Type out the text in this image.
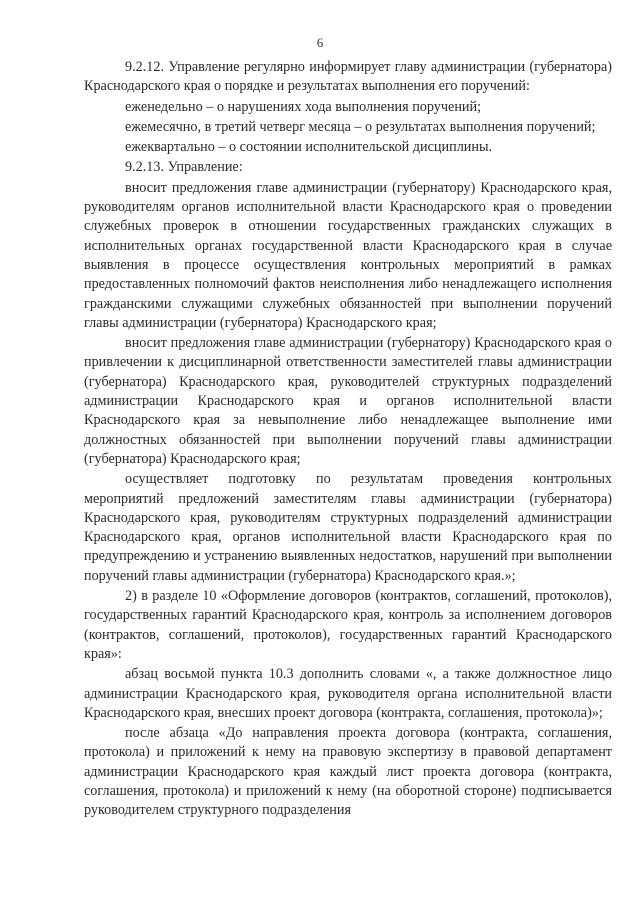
6

9.2.12. Управление регулярно информирует главу администрации (губернатора) Краснодарского края о порядке и результатах выполнения его поручений:

еженедельно – о нарушениях хода выполнения поручений;

ежемесячно, в третий четверг месяца – о результатах выполнения поручений;

ежеквартально – о состоянии исполнительской дисциплины.

9.2.13. Управление:

вносит предложения главе администрации (губернатору) Краснодарского края, руководителям органов исполнительной власти Краснодарского края о проведении служебных проверок в отношении государственных гражданских служащих в исполнительных органах государственной власти Краснодарского края в случае выявления в процессе осуществления контрольных мероприятий в рамках предоставленных полномочий фактов неисполнения либо ненадлежащего исполнения гражданскими служащими служебных обязанностей при выполнении поручений главы администрации (губернатора) Краснодарского края;

вносит предложения главе администрации (губернатору) Краснодарского края о привлечении к дисциплинарной ответственности заместителей главы администрации (губернатора) Краснодарского края, руководителей структурных подразделений администрации Краснодарского края и органов исполнительной власти Краснодарского края за невыполнение либо ненадлежащее выполнение ими должностных обязанностей при выполнении поручений главы администрации (губернатора) Краснодарского края;

осуществляет подготовку по результатам проведения контрольных мероприятий предложений заместителям главы администрации (губернатора) Краснодарского края, руководителям структурных подразделений администрации Краснодарского края, органов исполнительной власти Краснодарского края по предупреждению и устранению выявленных недостатков, нарушений при выполнении поручений главы администрации (губернатора) Краснодарского края.»;

2) в разделе 10 «Оформление договоров (контрактов, соглашений, протоколов), государственных гарантий Краснодарского края, контроль за исполнением договоров (контрактов, соглашений, протоколов), государственных гарантий Краснодарского края»:

абзац восьмой пункта 10.3 дополнить словами «, а также должностное лицо администрации Краснодарского края, руководителя органа исполнительной власти Краснодарского края, внесших проект договора (контракта, соглашения, протокола)»;

после абзаца «До направления проекта договора (контракта, соглашения, протокола) и приложений к нему на правовую экспертизу в правовой департамент администрации Краснодарского края каждый лист проекта договора (контракта, соглашения, протокола) и приложений к нему (на оборотной стороне) подписывается руководителем структурного подразделения
